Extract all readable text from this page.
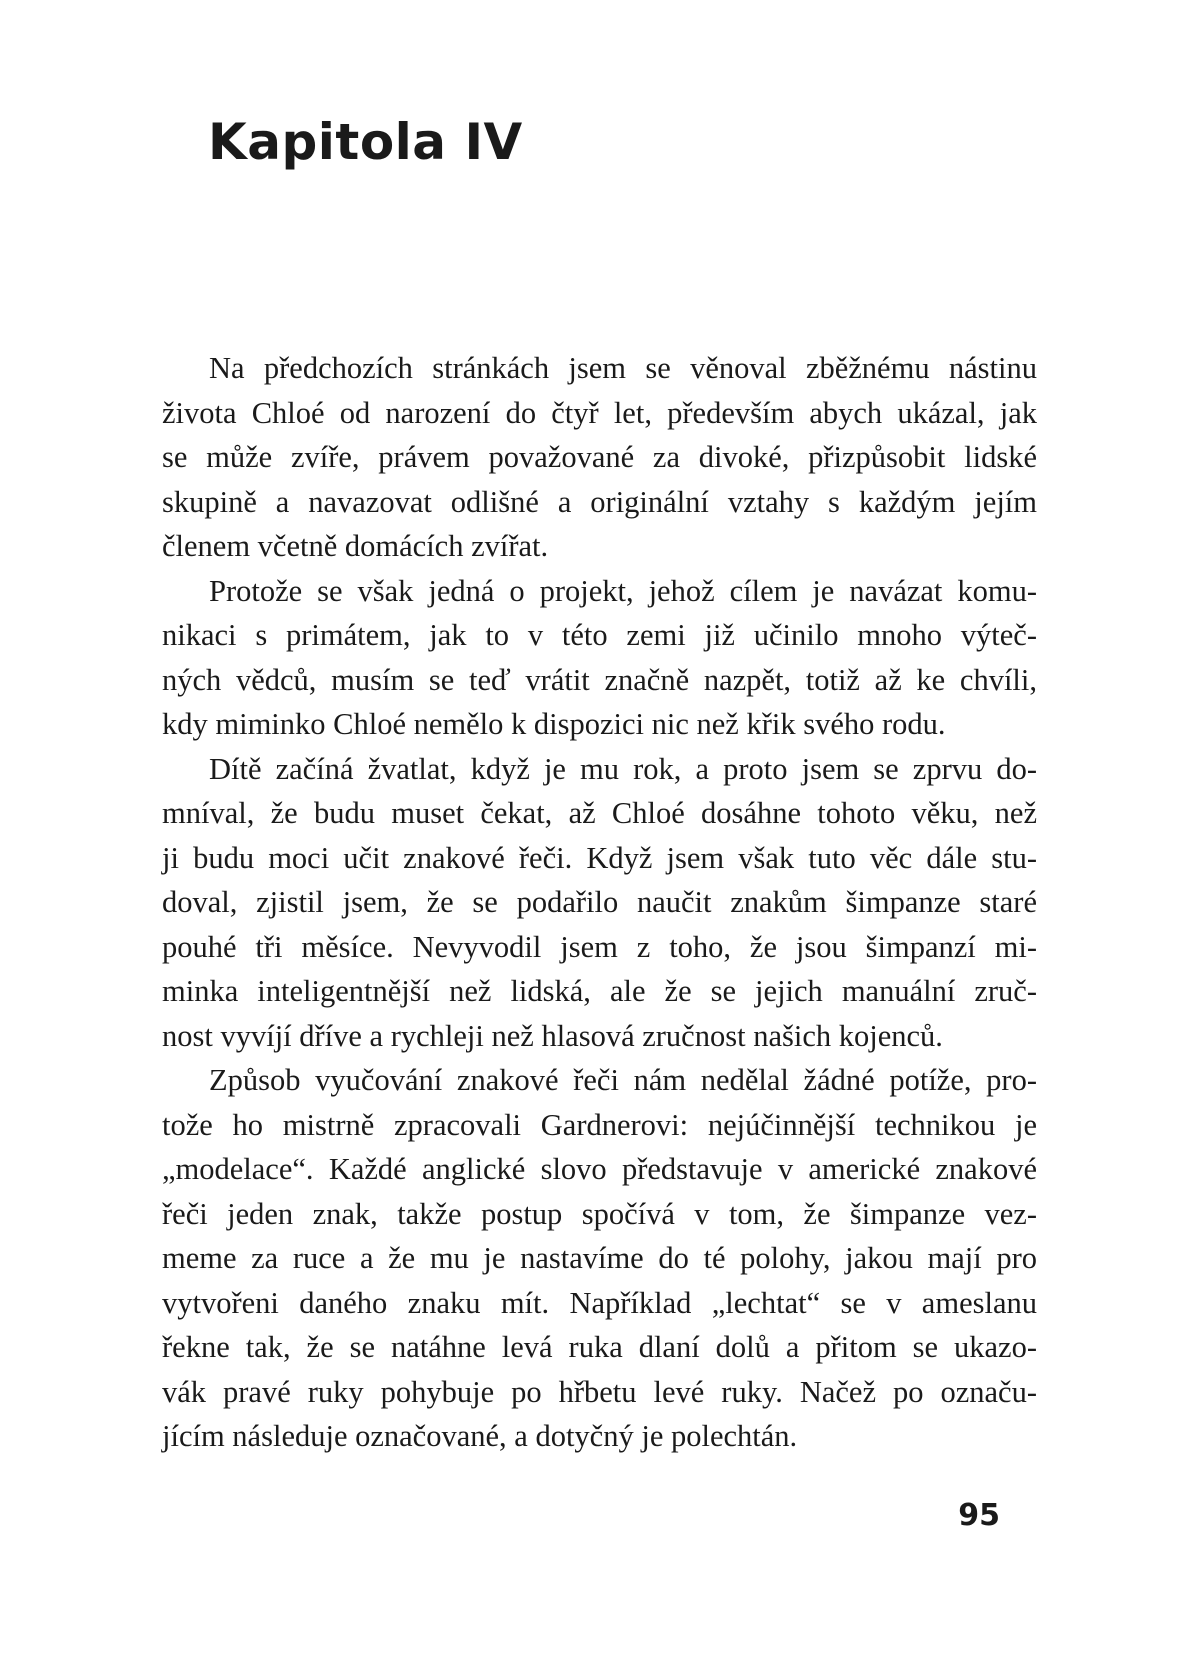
Kapitola IV

Na předchozích stránkách jsem se věnoval zběžnému nástinu
života Chloé od narození do čtyř let, především abych ukázal, jak
se může zvíře, právem považované za divoké, přizpůsobit lidské
skupině a navazovat odlišné a originální vztahy s každým jejím
členem včetně domácích zvířat.

Protože se však jedná o projekt, jehož cílem je navázat komu-
nikaci s primátem, jak to v této zemi již učinilo mnoho výteč-
ných vědců, musím se teď vrátit značně nazpět, totiž až ke chvíli,
kdy miminko Chloé nemělo k dispozici nic než křik svého rodu.

Dítě začíná žvatlat, když je mu rok, a proto jsem se zprvu do-
mníval, že budu muset čekat, až Chloé dosáhne tohoto věku, než
ji budu moci učit znakové řeči. Když jsem však tuto věc dále stu-
doval, zjistil jsem, že se podařilo naučit znakům šimpanze staré
pouhé tři měsíce. Nevyvodil jsem z toho, že jsou šimpanzí mi-
minka inteligentnější než lidská, ale že se jejich manuální zruč-
nost vyvíjí dříve a rychleji než hlasová zručnost našich kojenců.

Způsob vyučování znakové řeči nám nedělal žádné potíže, pro-
tože ho mistrně zpracovali Gardnerovi: nejúčinnější technikou je
„modelace“. Každé anglické slovo představuje v americké znakové
řeči jeden znak, takže postup spočívá v tom, že šimpanze vez-
meme za ruce a že mu je nastavíme do té polohy, jakou mají pro
vytvořeni daného znaku mít. Například „lechtat“ se v ameslanu
řekne tak, že se natáhne levá ruka dlaní dolů a přitom se ukazo-
vák pravé ruky pohybuje po hřbetu levé ruky. Načež po označu-
jícím následuje označované, a dotyčný je polechtán.

95
